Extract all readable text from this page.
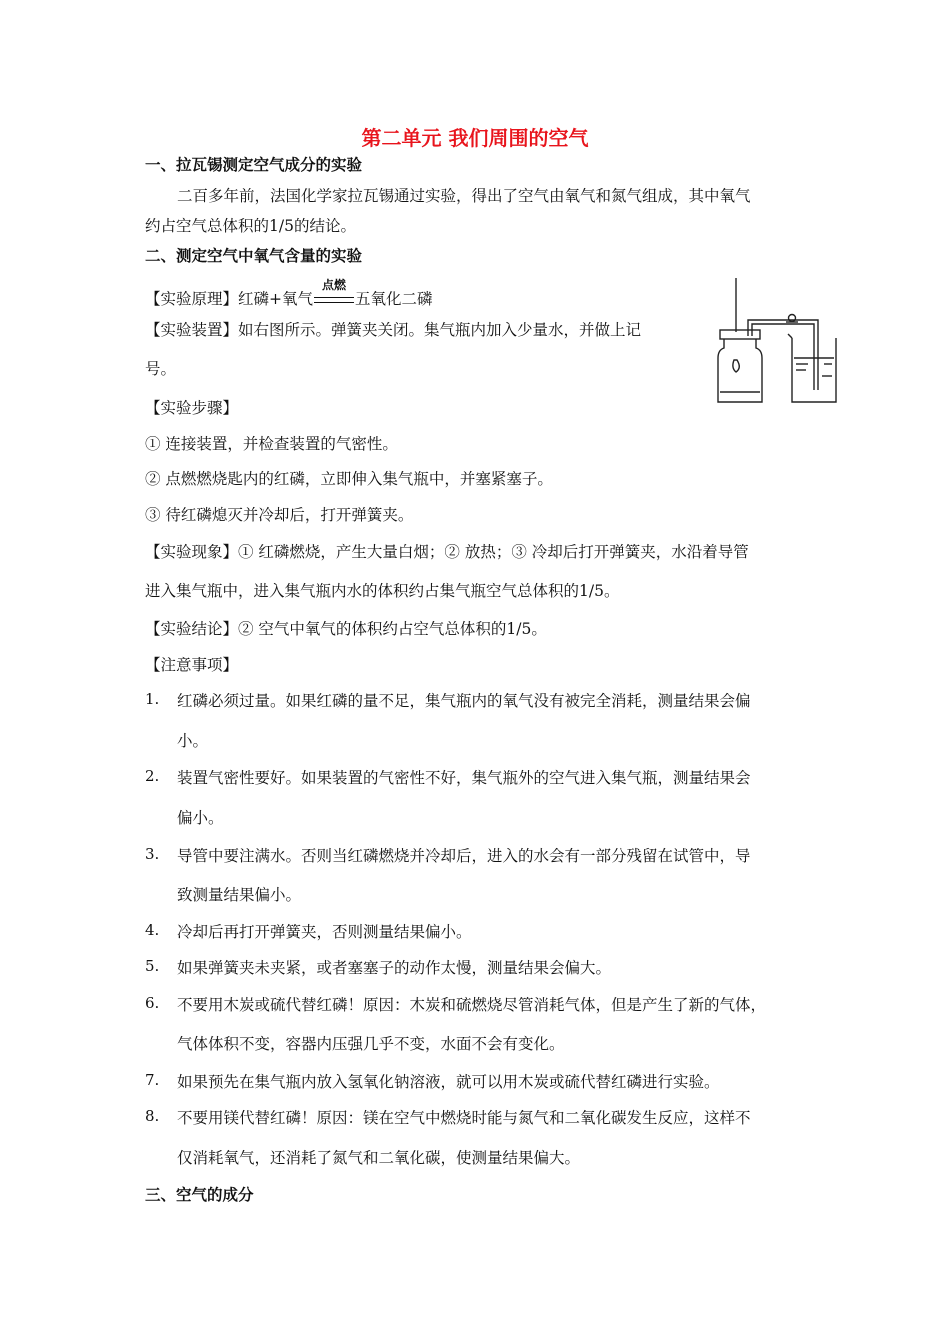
第二单元 我们周围的空气
一、拉瓦锡测定空气成分的实验
二百多年前，法国化学家拉瓦锡通过实验，得出了空气由氧气和氮气组成，其中氧气
约占空气总体积的1/5的结论。
二、测定空气中氧气含量的实验
【实验原理】红磷+氧气
点燃
五氧化二磷
【实验装置】如右图所示。弹簧夹关闭。集气瓶内加入少量水，并做上记
号。
【实验步骤】
① 连接装置，并检查装置的气密性。
② 点燃燃烧匙内的红磷，立即伸入集气瓶中，并塞紧塞子。
③ 待红磷熄灭并冷却后，打开弹簧夹。
【实验现象】① 红磷燃烧，产生大量白烟；② 放热；③ 冷却后打开弹簧夹，水沿着导管
进入集气瓶中，进入集气瓶内水的体积约占集气瓶空气总体积的1/5。
【实验结论】② 空气中氧气的体积约占空气总体积的1/5。
【注意事项】
1. 红磷必须过量。如果红磷的量不足，集气瓶内的氧气没有被完全消耗，测量结果会偏
小。
2. 装置气密性要好。如果装置的气密性不好，集气瓶外的空气进入集气瓶，测量结果会
偏小。
3. 导管中要注满水。否则当红磷燃烧并冷却后，进入的水会有一部分残留在试管中，导
致测量结果偏小。
4. 冷却后再打开弹簧夹，否则测量结果偏小。
5. 如果弹簧夹未夹紧，或者塞塞子的动作太慢，测量结果会偏大。
6. 不要用木炭或硫代替红磷！原因：木炭和硫燃烧尽管消耗气体，但是产生了新的气体，
气体体积不变，容器内压强几乎不变，水面不会有变化。
7. 如果预先在集气瓶内放入氢氧化钠溶液，就可以用木炭或硫代替红磷进行实验。
8. 不要用镁代替红磷！原因：镁在空气中燃烧时能与氮气和二氧化碳发生反应，这样不
仅消耗氧气，还消耗了氮气和二氧化碳，使测量结果偏大。
三、空气的成分
